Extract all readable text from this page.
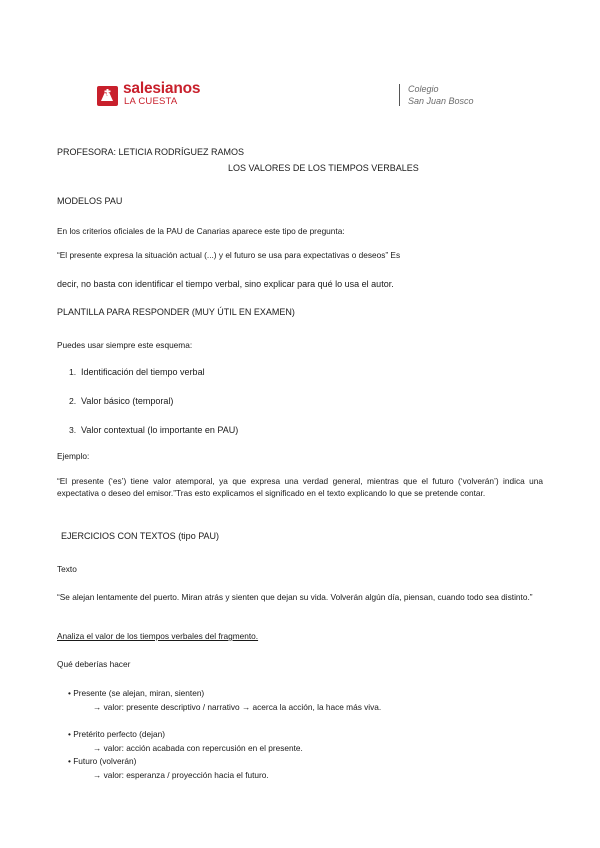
salesianos
LA CUESTA
Colegio
San Juan Bosco
PROFESORA: LETICIA RODRÍGUEZ RAMOS
LOS VALORES DE LOS TIEMPOS VERBALES
MODELOS PAU
En los criterios oficiales de la PAU de Canarias aparece este tipo de pregunta:
“El presente expresa la situación actual (...) y el futuro se usa para expectativas o deseos” Es
decir, no basta con identificar el tiempo verbal, sino explicar para qué lo usa el autor.
PLANTILLA PARA RESPONDER (MUY ÚTIL EN EXAMEN)
Puedes usar siempre este esquema:
1. Identificación del tiempo verbal
2. Valor básico (temporal)
3. Valor contextual (lo importante en PAU)
Ejemplo:
“El presente (‘es’) tiene valor atemporal, ya que expresa una verdad general, mientras que el futuro (‘volverán’) indica una expectativa o deseo del emisor.”Tras esto explicamos el significado en el texto explicando lo que se pretende contar.
EJERCICIOS CON TEXTOS (tipo PAU)
Texto
“Se alejan lentamente del puerto. Miran atrás y sienten que dejan su vida. Volverán algún día, piensan, cuando todo sea distinto.”
Analiza el valor de los tiempos verbales del fragmento.
Qué deberías hacer
• Presente (se alejan, miran, sienten)
→ valor: presente descriptivo / narrativo → acerca la acción, la hace más viva.
• Pretérito perfecto (dejan)
→ valor: acción acabada con repercusión en el presente.
• Futuro (volverán)
→ valor: esperanza / proyección hacia el futuro.
